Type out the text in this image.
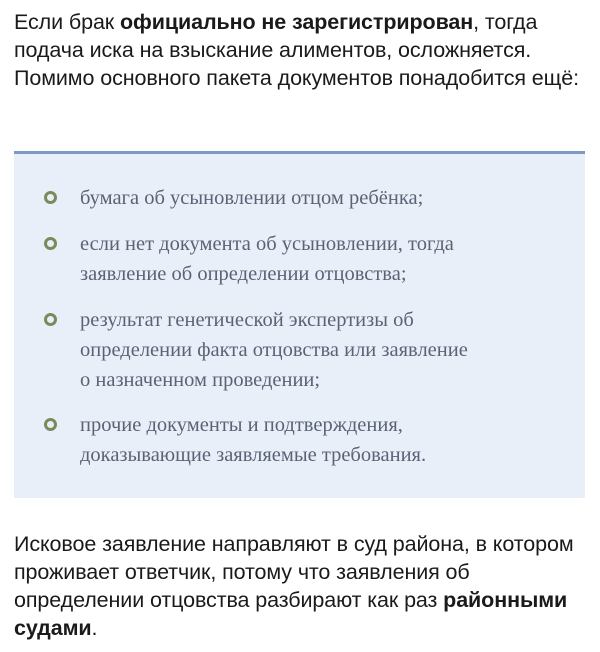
Если брак официально не зарегистрирован, тогда подача иска на взыскание алиментов, осложняется. Помимо основного пакета документов понадобится ещё:

бумага об усыновлении отцом ребёнка;
если нет документа об усыновлении, тогда
заявление об определении отцовства;
результат генетической экспертизы об
определении факта отцовства или заявление
о назначенном проведении;
прочие документы и подтверждения,
доказывающие заявляемые требования.

Исковое заявление направляют в суд района, в котором проживает ответчик, потому что заявления об определении отцовства разбирают как раз районными судами.
